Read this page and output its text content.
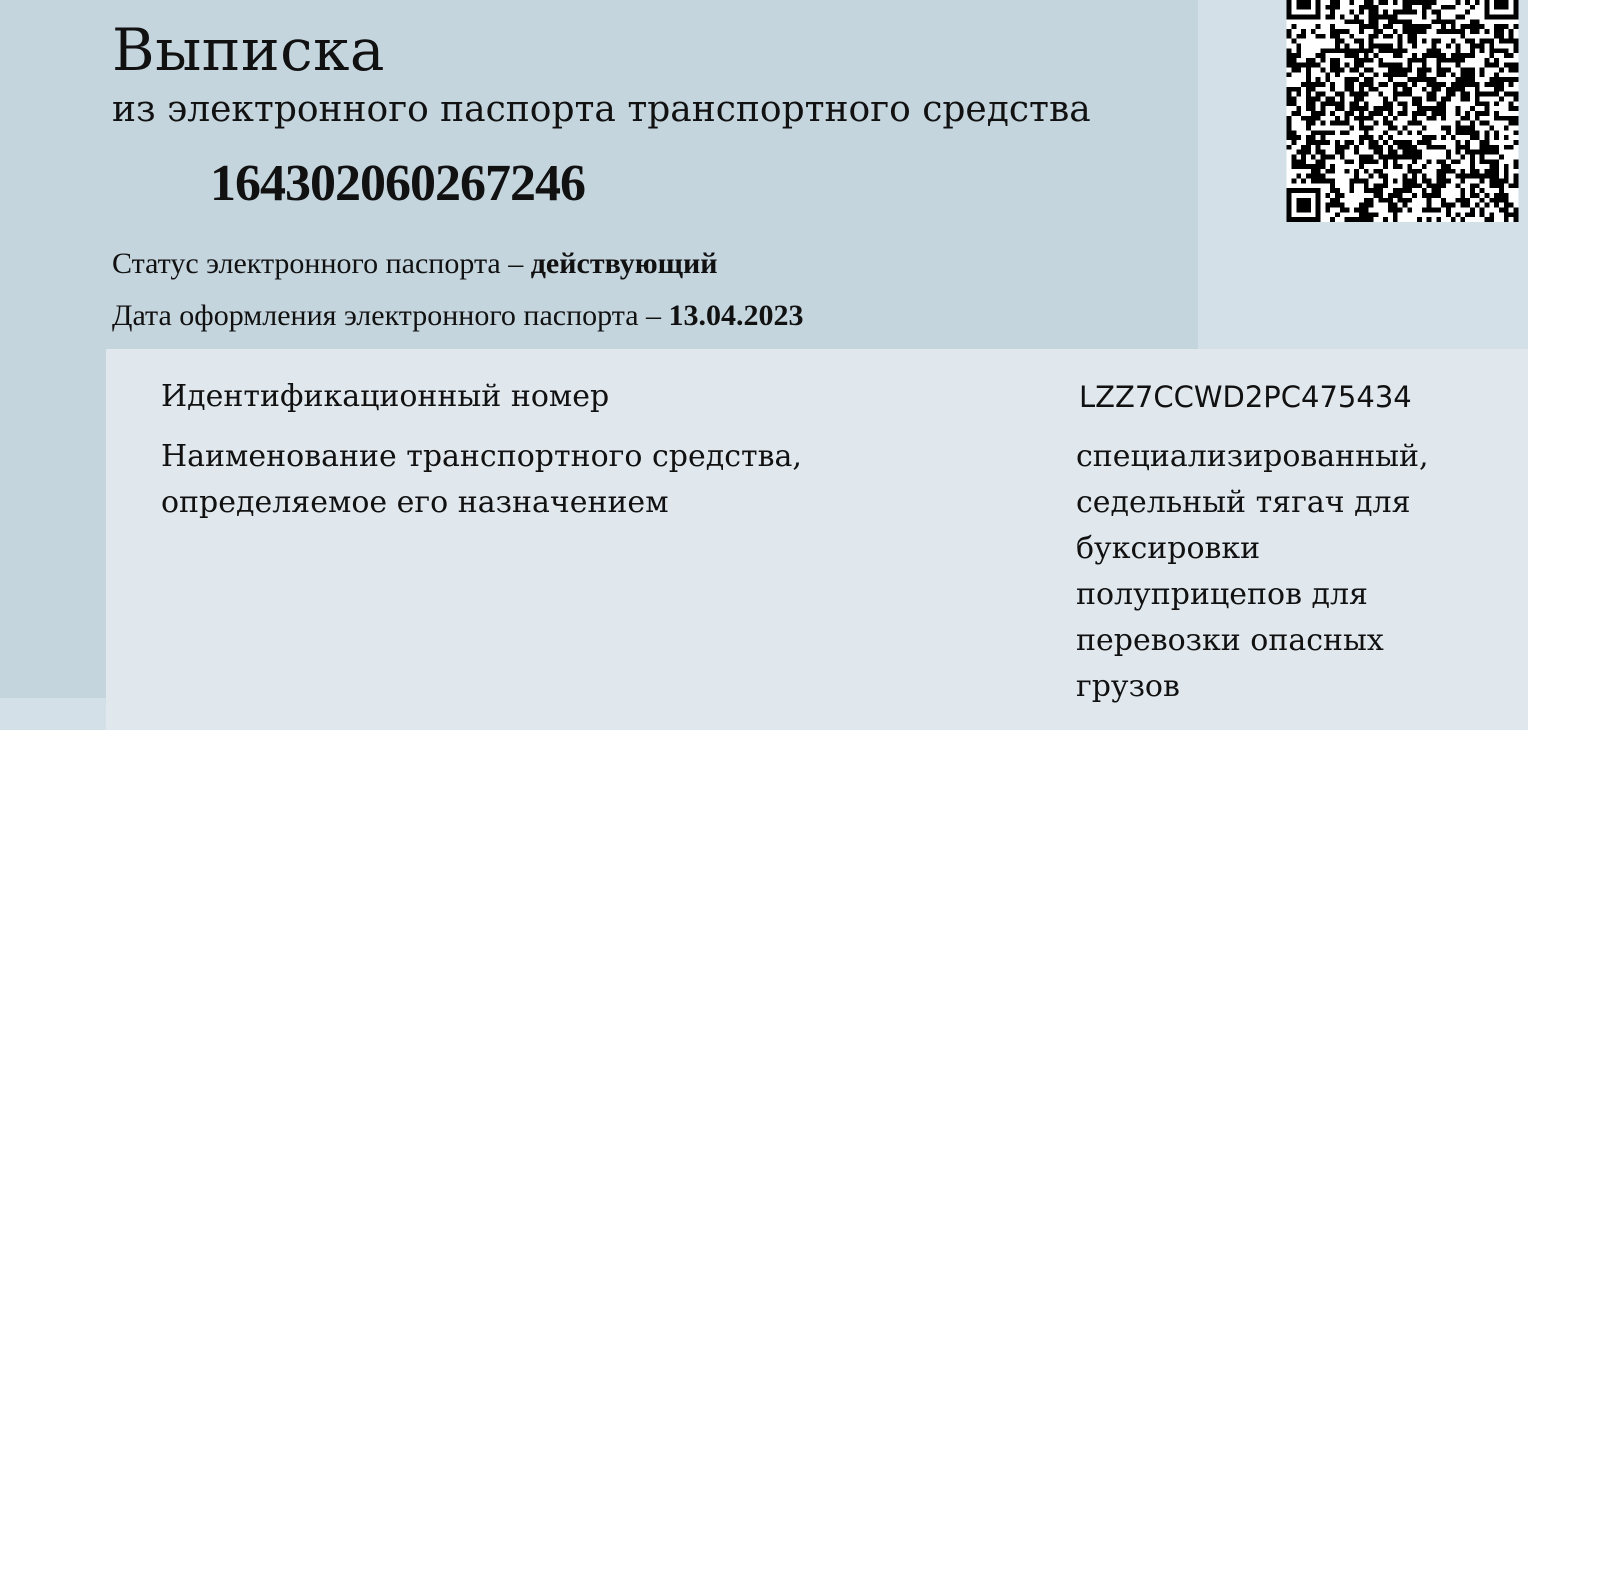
Выписка
из электронного паспорта транспортного средства
164302060267246
Статус электронного паспорта – действующий
Дата оформления электронного паспорта – 13.04.2023
Идентификационный номер	LZZ7CCWD2PC475434
Наименование транспортного средства,
определяемое его назначением
специализированный,
седельный тягач для
буксировки
полуприцепов для
перевозки опасных
грузов
